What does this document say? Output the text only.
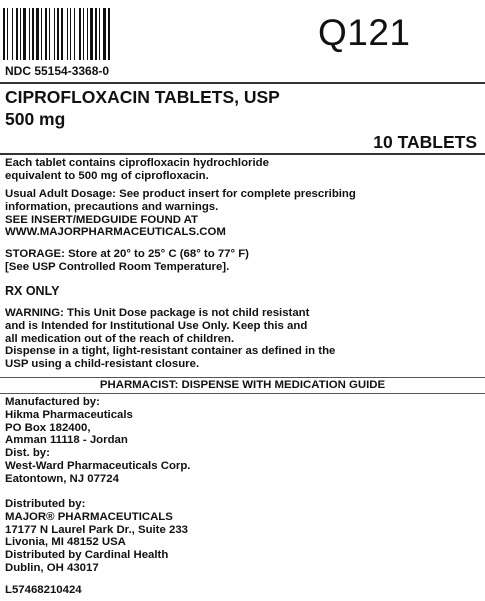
Q121
NDC 55154-3368-0
CIPROFLOXACIN TABLETS, USP
500 mg
10 TABLETS
Each tablet contains ciprofloxacin hydrochloride
equivalent to 500 mg of ciprofloxacin.
Usual Adult Dosage: See product insert for complete prescribing
information, precautions and warnings.
SEE INSERT/MEDGUIDE FOUND AT
WWW.MAJORPHARMACEUTICALS.COM
STORAGE: Store at 20° to 25° C (68° to 77° F)
[See USP Controlled Room Temperature].
RX ONLY
WARNING: This Unit Dose package is not child resistant
and is Intended for Institutional Use Only. Keep this and
all medication out of the reach of children.
Dispense in a tight, light-resistant container as defined in the
USP using a child-resistant closure.
PHARMACIST: DISPENSE WITH MEDICATION GUIDE
Manufactured by:
Hikma Pharmaceuticals
PO Box 182400,
Amman 11118 - Jordan
Dist. by:
West-Ward Pharmaceuticals Corp.
Eatontown, NJ 07724
Distributed by:
MAJOR® PHARMACEUTICALS
17177 N Laurel Park Dr., Suite 233
Livonia, MI 48152 USA
Distributed by Cardinal Health
Dublin, OH 43017
L57468210424
